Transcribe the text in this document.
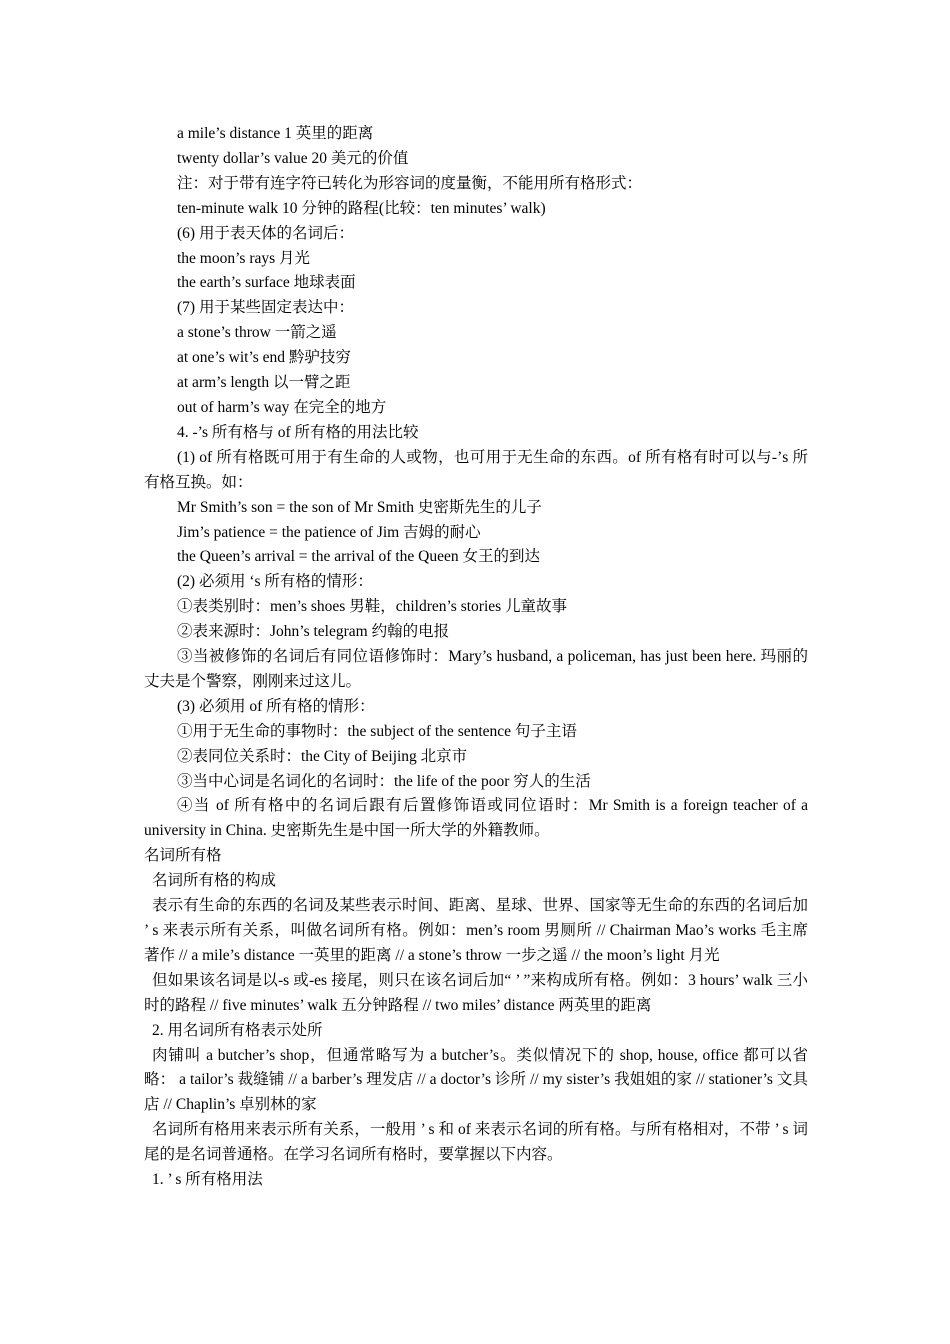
a mile’s distance 1 英里的距离

twenty dollar’s value 20 美元的价值

注：对于带有连字符已转化为形容词的度量衡，不能用所有格形式：

ten-minute walk 10 分钟的路程(比较：ten minutes’ walk)

(6) 用于表天体的名词后：

the moon’s rays 月光

the earth’s surface 地球表面

(7) 用于某些固定表达中：

a stone’s throw 一箭之遥

at one’s wit’s end 黔驴技穷

at arm’s length 以一臂之距

out of harm’s way 在完全的地方

4. -’s 所有格与 of 所有格的用法比较

(1) of 所有格既可用于有生命的人或物，也可用于无生命的东西。of 所有格有时可以与-’s 所有格互换。如：

Mr Smith’s son = the son of Mr Smith 史密斯先生的儿子

Jim’s patience = the patience of Jim 吉姆的耐心

the Queen’s arrival = the arrival of the Queen 女王的到达

(2) 必须用 ‘s 所有格的情形：

①表类别时：men’s shoes 男鞋，children’s stories 儿童故事

②表来源时：John’s telegram 约翰的电报

③当被修饰的名词后有同位语修饰时：Mary’s husband, a policeman, has just been here. 玛丽的丈夫是个警察，刚刚来过这儿。

(3) 必须用 of 所有格的情形：

①用于无生命的事物时：the subject of the sentence 句子主语

②表同位关系时：the City of Beijing 北京市

③当中心词是名词化的名词时：the life of the poor 穷人的生活

④当 of 所有格中的名词后跟有后置修饰语或同位语时：Mr Smith is a foreign teacher of a university in China. 史密斯先生是中国一所大学的外籍教师。

名词所有格

名词所有格的构成

表示有生命的东西的名词及某些表示时间、距离、星球、世界、国家等无生命的东西的名词后加 ’ s 来表示所有关系，叫做名词所有格。例如：men’s room 男厕所 // Chairman Mao’s works 毛主席著作 // a mile’s distance 一英里的距离 // a stone’s throw 一步之遥 // the moon’s light 月光

但如果该名词是以-s 或-es 接尾，则只在该名词后加“ ’ ”来构成所有格。例如：3 hours’ walk 三小时的路程 // five minutes’ walk 五分钟路程 // two miles’ distance 两英里的距离

2. 用名词所有格表示处所

肉铺叫 a butcher’s shop，但通常略写为 a butcher’s。类似情况下的 shop, house, office 都可以省略： a tailor’s 裁缝铺 // a barber’s 理发店 // a doctor’s 诊所 // my sister’s 我姐姐的家 // stationer’s 文具店 // Chaplin’s 卓别林的家

名词所有格用来表示所有关系，一般用 ’ s 和 of 来表示名词的所有格。与所有格相对，不带 ’ s 词尾的是名词普通格。在学习名词所有格时，要掌握以下内容。

1. ’ s 所有格用法
